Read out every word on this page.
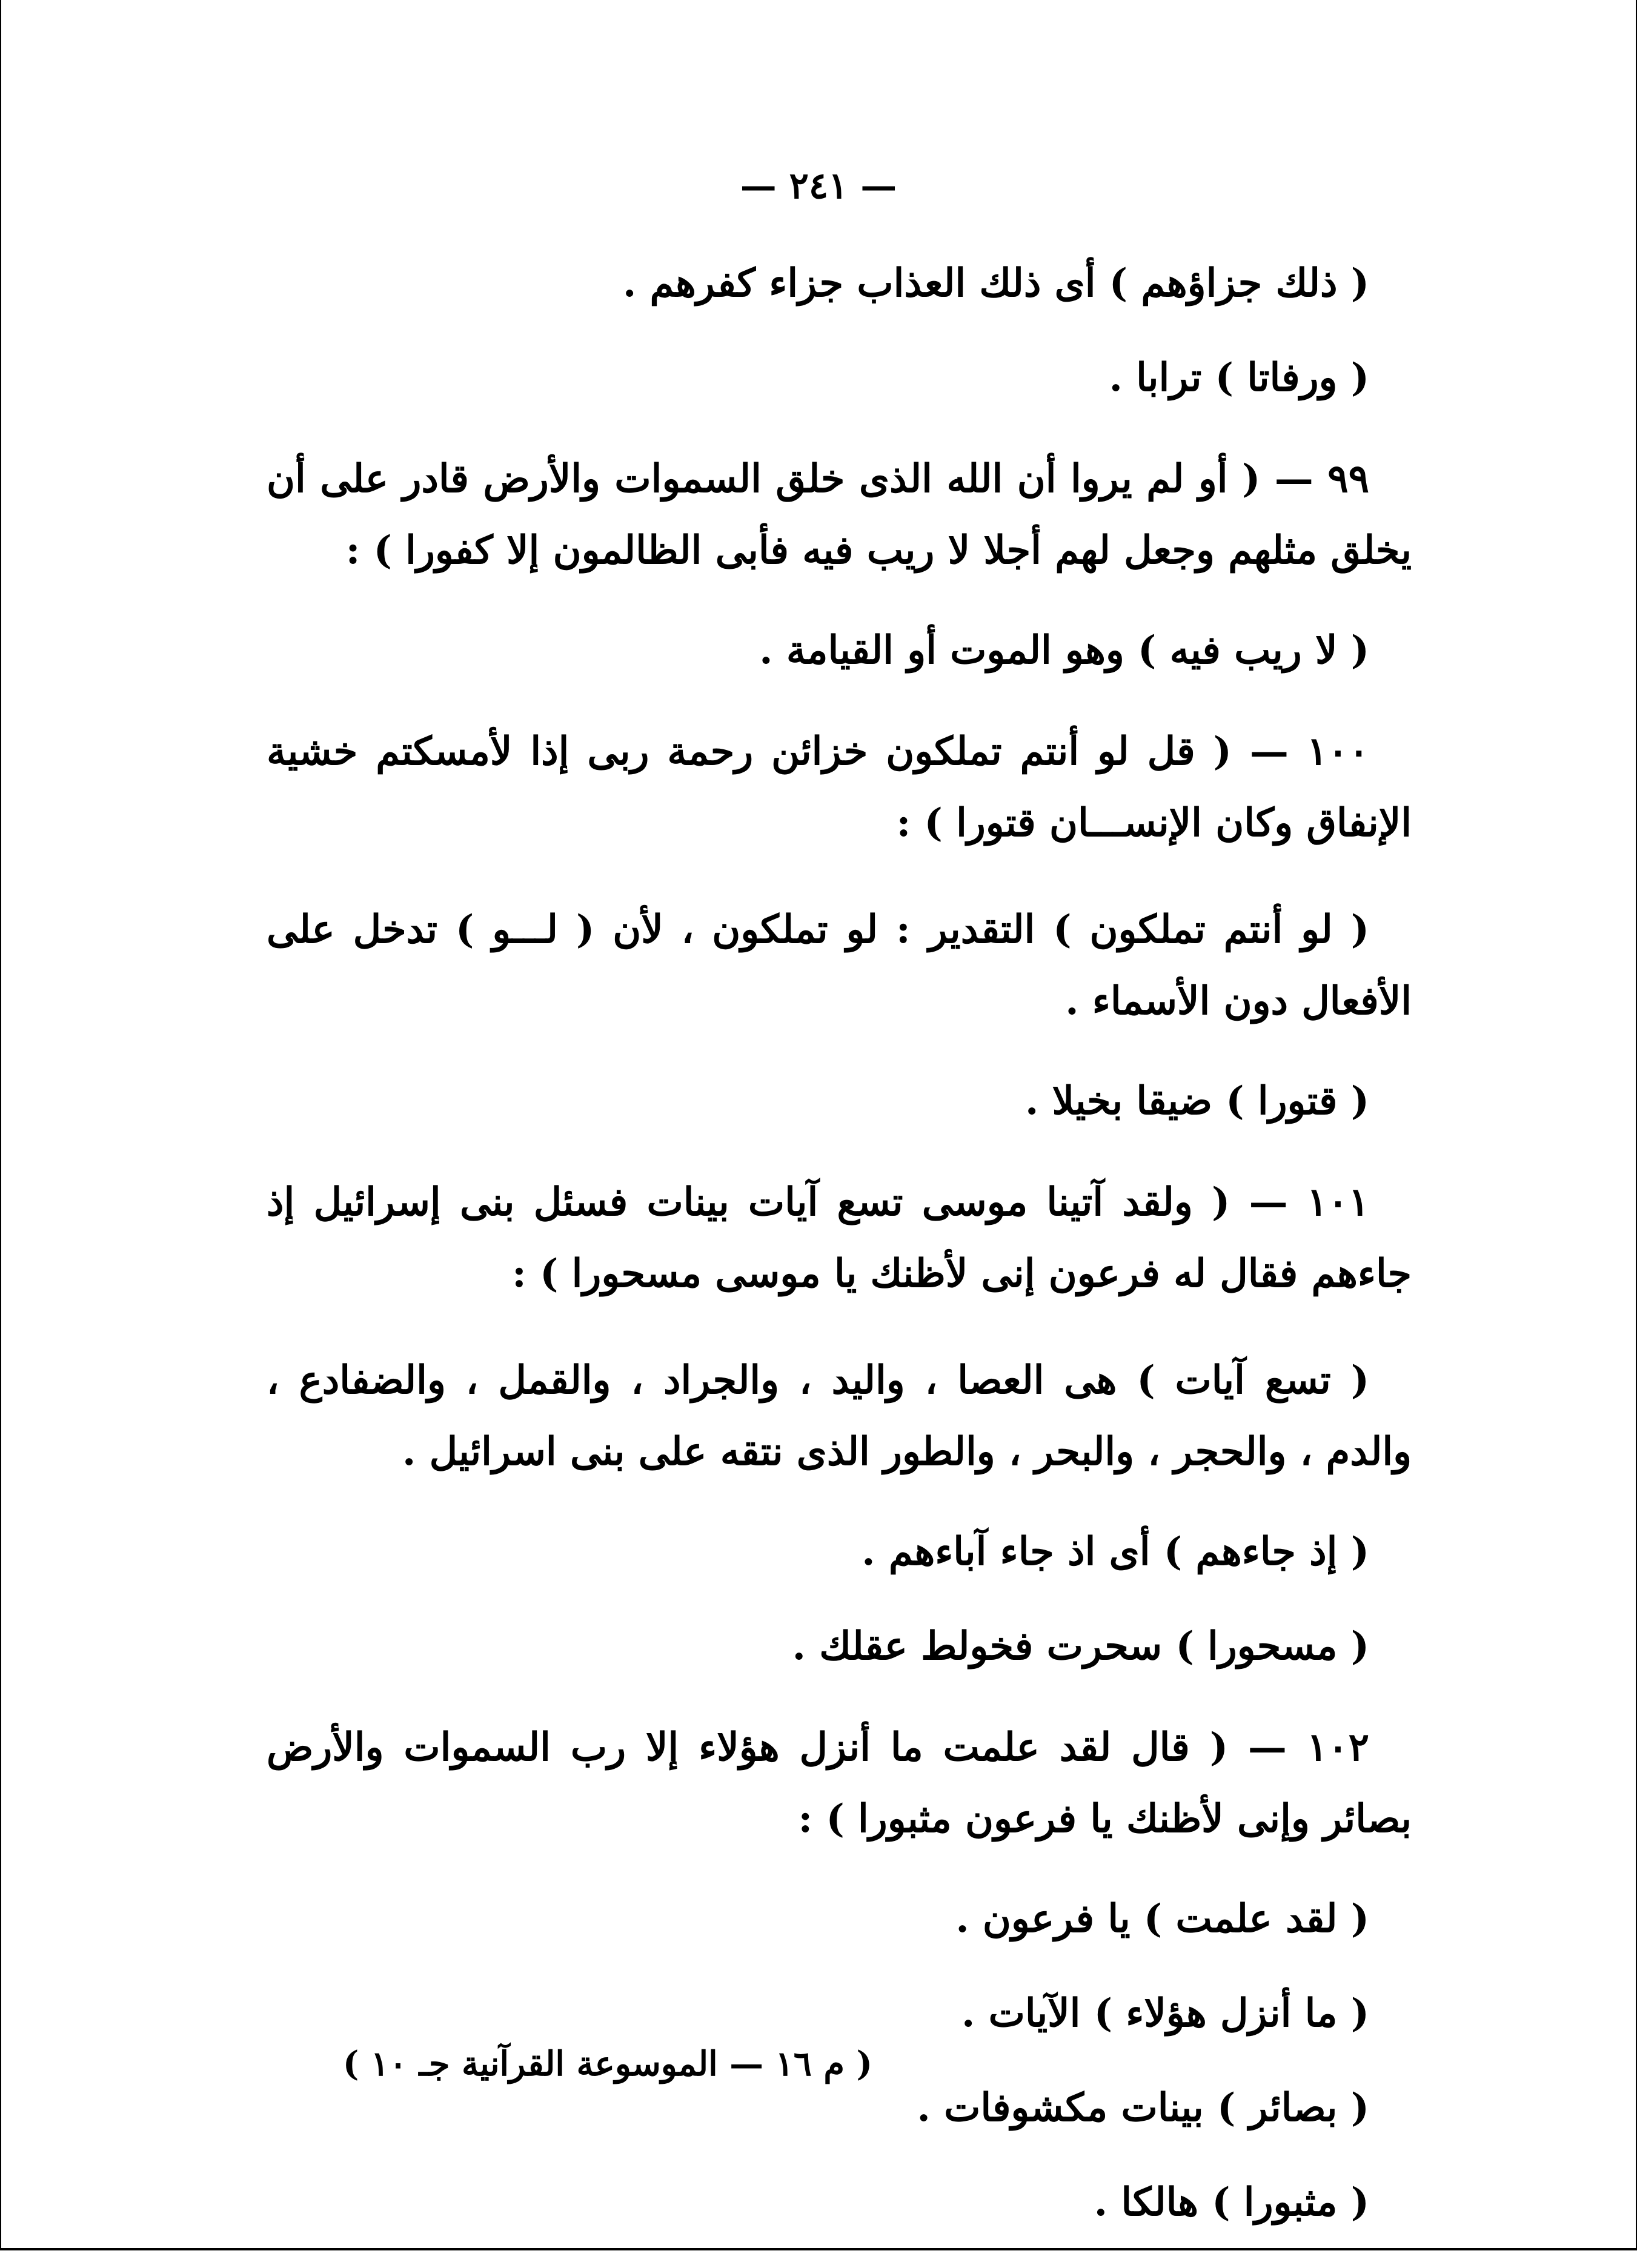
— ٢٤١ —

( ذلك جزاؤهم ) أى ذلك العذاب جزاء كفرهم .

( ورفاتا ) ترابا .

٩٩ — ( أو لم يروا أن الله الذى خلق السموات والأرض قادر على أن يخلق مثلهم وجعل لهم أجلا لا ريب فيه فأبى الظالمون إلا كفورا ) :

( لا ريب فيه ) وهو الموت أو القيامة .

١٠٠ — ( قل لو أنتم تملكون خزائن رحمة ربى إذا لأمسكتم خشية الإنفاق وكان الإنســـان قتورا ) :

( لو أنتم تملكون ) التقدير : لو تملكون ، لأن ( لـــو ) تدخل على الأفعال دون الأسماء .

( قتورا ) ضيقا بخيلا .

١٠١ — ( ولقد آتينا موسى تسع آيات بينات فسئل بنى إسرائيل إذ جاءهم فقال له فرعون إنى لأظنك يا موسى مسحورا ) :

( تسع آيات ) هى العصا ، واليد ، والجراد ، والقمل ، والضفادع ، والدم ، والحجر ، والبحر ، والطور الذى نتقه على بنى اسرائيل .

( إذ جاءهم ) أى اذ جاء آباءهم .

( مسحورا ) سحرت فخولط عقلك .

١٠٢ — ( قال لقد علمت ما أنزل هؤلاء إلا رب السموات والأرض بصائر وإنى لأظنك يا فرعون مثبورا ) :

( لقد علمت ) يا فرعون .

( ما أنزل هؤلاء ) الآيات .

( بصائر ) بينات مكشوفات .

( مثبورا ) هالكا .

( م ١٦ — الموسوعة القرآنية جـ ١٠ )
